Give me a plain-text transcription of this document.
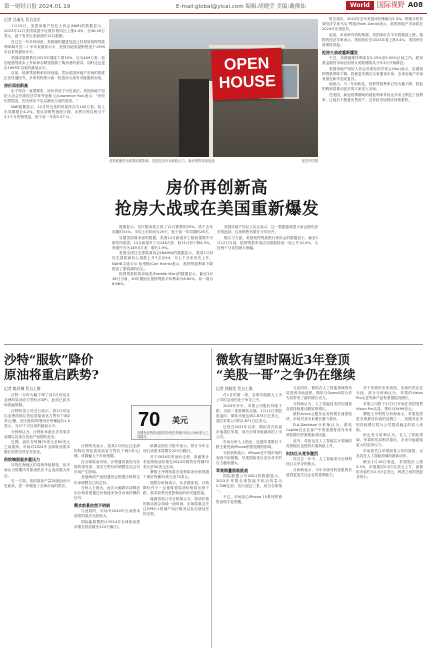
第一财经日报 2024.01.19	E-mail:global@yicai.com 编辑:胡晓莹 美编:戴佛仙	World	国际视野 A08

记者 冯迪凡 发自北京

1月19日，美国房地产经纪人协会(NAR)的数据显示，2023年12月美国成屋中位数价格同比上涨4.4%，至38.26万美元，创下有史以来最高的12月数据。

在过去一年多时间里，美联储的激进加息已经导致抵押贷款利率飙升至二十多年来最高水平，美国各地成屋销售创下1995年以来的最低水平。

美国成屋销售在2023年继续下滑19%，仅为409万套，原因是借贷成本上升和库存紧张削弱了购房者的需求。同时这也是自1995年以来的最低水平。

目前，抵押贷款利率有所回落，然而美国房地产市场的热度正在快速回升。多家机构预计新一轮抢房大战有可能重新出现。

房价再创新高

由于库存一直很紧张，房价仍处于历史高位。美国房地产经纪人协会首席经济学家劳伦斯·云(Lawrence Yun)表示：“房价仍然很高，因为库存不足以满足当前的需求。”

NAR数据显示，12月份全美的房屋库存为100万套，较上年同期增长4.2%。按目前销售速度计算，未售出库存相当于3.2个月的销售量，低于前一年的3.3个月。

OPEN
HOUSE
受美联储货币政策收紧影响，美国住房市场面临压力，新房销售持续低迷	视觉中国图

报告指出，2023年全年美国房价涨幅为5.3%。穆迪分析首席经济学家马克·赞迪(Mark Zandi)表示，美国房地产市场将在2024年出现复苏。

此前，多家研究机构预测，美国房价在今年将继续上涨。瑞银的经济学家表示，美国房价在2024年将上涨4.4%，美国房价将保持坚挺。

抢房大战或重新爆发

不过，美联储维持利率在5.25%至5.50%区间之内。联邦基金期货市场目前预计美联储将从今年3月开始降息。

美国房地产经纪人协会首席经济学家云(Yun)表示，近期抵押贷款利率下降，将使更多潜在买家重返市场，全美房地产市场有望在新年迎来复苏。

他表示，与一年前相比，抵押贷款利率已经大幅下降，较低的利率将推动更多的买家进入市场。

在美国，新冠疫情期间的超低利率导致众多房主锁定了低利率，让他们不愿意出售房产。这导致市场供应持续紧张。

房价再创新高
抢房大战或在美国重新爆发

数据显示，首次购房者占到了12月销售的29%，高于去年同期的31%，平均上市时间为29天，低于前一年同期的26天。

另据美国商务部的数据，美国12月新屋开工数和建筑许可都有所改善，12月新屋开工为146万套，较11月份下降4.3%，营建许可为149.5万套，增长1.9%。

美国全国住宅建筑商协会(NAHB)的数据显示，美国1月份住宅建筑商信心指数上升7点至44，为七个月来首次上升。NAHB主席卡尔·哈里斯(Carl Harris)表示，抵押贷款利率下降推高了建筑商的信心。

抵押贷款机构房地美(Freddie Mac)的数据显示，截至1月18日当周，30年期固定抵押贷款平均利率为6.60%，前一周为6.66%。

美国房地产经纪人协会表示，这一数据意味着买家会拥有更多的选择，住房销售有望在今年回升。

购买力方面，美国抵押贷款银行家协会的数据显示，截至1月12日当周，抵押贷款申请活动指数较前一周上升10.4%，为近两个月来的最大涨幅。

沙特“服软”降价
原油将重启跌势?

记者 姚若琳 发自上海

沙特一月份大幅下调了其2月份运往亚洲的原油官方售价(OSP)，此前已被市场普遍预期。

沙特阿美公司近日表示，将2月份运往亚洲的阿拉伯轻质原油官方售价下调2美元/桶，至比迪拜/阿曼均价每桶溢价1.5美元，为27个月以来的最低水平。

分析师认为，沙特此举意在应对需求放缓以及来自其他产油国的竞争。

近期，油价在每桶70美元至80美元之间震荡。市场对2024年全球原油需求增长前景仍然存在担忧。

供给端面临多重压力

尽管红海地区的局势持续紧张，但市场认为短期内对原油供应不会造成重大冲击。

另一方面，美国原油产量持续创出历史新高，进一步增加了全球市场的供应。

70 美元
近期布伦特原油期货价格在每桶70美元至80美元之间震荡

沙特阿美表示，将其2月份运往亚洲的阿拉伯轻质原油官方售价下调2美元/桶，该降幅大于市场预期。

在全球原油市场，沙特通常被视为价格的领导者，其官方售价的调整往往会对市场产生影响。

其他海湾产油国通常会根据沙特的定价来调整自己的定价。

分析人士指出，此次大幅降价或释放出沙特希望通过价格战来争夺市场份额的信号。

需求前景依然不明朗

与此同时，市场对2024年石油需求前景的看法分歧较大。

国际能源署预计2024年全球原油需求增长将放缓至124万桶/日。

欧佩克则在月报中表示，预计今年全球石油需求将增长225万桶/日。

对于2024年的油价走势，高盛预计布伦特原油价格在2024年维持在每桶70美元至90美元区间。

摩根士丹利则将布伦特原油价格预测下调至每桶70美元至75美元。

瑞银分析师表示，从长期来看，沙特降价并不一定意味着原油价格将出现下跌，需求前景仍是影响油价的关键因素。

能源咨询公司分析师认为，原油价格的波动将会持续一段时间，市场将重点关注OPEC+的减产执行情况以及全球经济的走势。

微软有望时隔近3年登顶
“美股一哥”之争仍在继续

记者 郭晓莹 发自上海

在1月的第一周，全球市值最大上市公司的宝座仍处于争夺之中。

2024年开年，苹果公司股价持续下跌，市值一度被微软反超。1月12日美股收盘时，微软市值达到2.875万亿美元，超过苹果公司的2.871万亿美元。

这是自2021年以来，微软首次收盘市值超过苹果，成为全球市值最高的上市公司。

市场分析人士指出，近期苹果股价下跌主要受到iPhone销售放缓的影响。

分析机构表示，iPhone在中国市场的表现不如预期，苹果面临来自竞争对手的压力越来越大。

苹果销量面临挑战

国际数据公司(IDC)的数据显示，2023年苹果全球智能手机出货量为2.346亿部，首次超过三星，成为全球第一。

不过，市场担心iPhone 15系列的销售表现不及预期。

与此同时，微软在人工智能领域的布局受到市场追捧。微软与OpenAI的合作为其带来了新的增长动力。

分析师认为，人工智能技术的加速普及将持续推动微软的增长。

微软Azure云服务业务的增长速度较快，市场对其未来增长潜力看好。

D.A.Davidson分析师认为，微软Copilot在企业客户中的渗透将成为未来营收增长的重要驱动因素。

此外，英伟达在人工智能芯片领域的优势地位也使其市值持续上升。

科技巨头竞争激烈

在过去一年中，人工智能成为全球科技巨头争夺的焦点。

分析师表示，今年市场对科技股的估值将更加关注企业的盈利能力。

对于苹果的未来表现，市场仍然存在分歧。部分分析师认为，苹果的Vision Pro头显等新产品有望提振其增长。

苹果公司将于2月2日开始在美国发售Vision Pro头显，售价为3499美元。

摩根士丹利的分析师表示，苹果依然是全球最具价值的品牌之一，其服务业务的持续增长将为公司提供稳定的收入来源。

但也有分析师认为，在人工智能领域，苹果的布局相对滞后，未来可能面临更大的竞争压力。

市场将关注苹果即将公布的财报，以及其在人工智能领域的最新动作。

截至1月18日收盘，苹果股价上涨3.3%，市值重回2.9万亿美元上方，而微软市值约为2.9万亿美元，两者之间的差距非常小。
